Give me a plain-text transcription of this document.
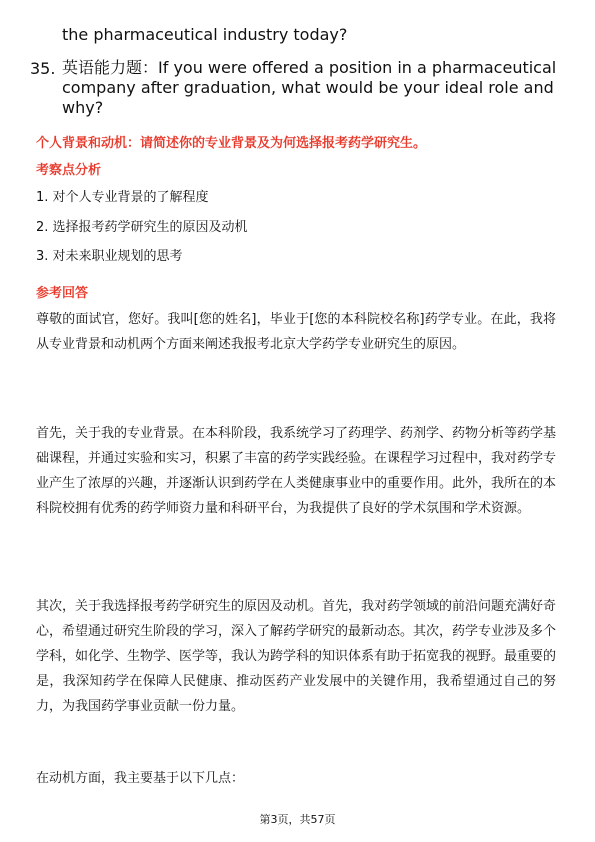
the pharmaceutical industry today?

35. 英语能力题：If you were offered a position in a pharmaceutical company after graduation, what would be your ideal role and why?

个人背景和动机：请简述你的专业背景及为何选择报考药学研究生。

考察点分析

1. 对个人专业背景的了解程度

2. 选择报考药学研究生的原因及动机

3. 对未来职业规划的思考

参考回答

尊敬的面试官，您好。我叫[您的姓名]，毕业于[您的本科院校名称]药学专业。在此，我将从专业背景和动机两个方面来阐述我报考北京大学药学专业研究生的原因。

首先，关于我的专业背景。在本科阶段，我系统学习了药理学、药剂学、药物分析等药学基础课程，并通过实验和实习，积累了丰富的药学实践经验。在课程学习过程中，我对药学专业产生了浓厚的兴趣，并逐渐认识到药学在人类健康事业中的重要作用。此外，我所在的本科院校拥有优秀的药学师资力量和科研平台，为我提供了良好的学术氛围和学术资源。

其次，关于我选择报考药学研究生的原因及动机。首先，我对药学领域的前沿问题充满好奇心，希望通过研究生阶段的学习，深入了解药学研究的最新动态。其次，药学专业涉及多个学科，如化学、生物学、医学等，我认为跨学科的知识体系有助于拓宽我的视野。最重要的是，我深知药学在保障人民健康、推动医药产业发展中的关键作用，我希望通过自己的努力，为我国药学事业贡献一份力量。

在动机方面，我主要基于以下几点：

第3页，共57页
